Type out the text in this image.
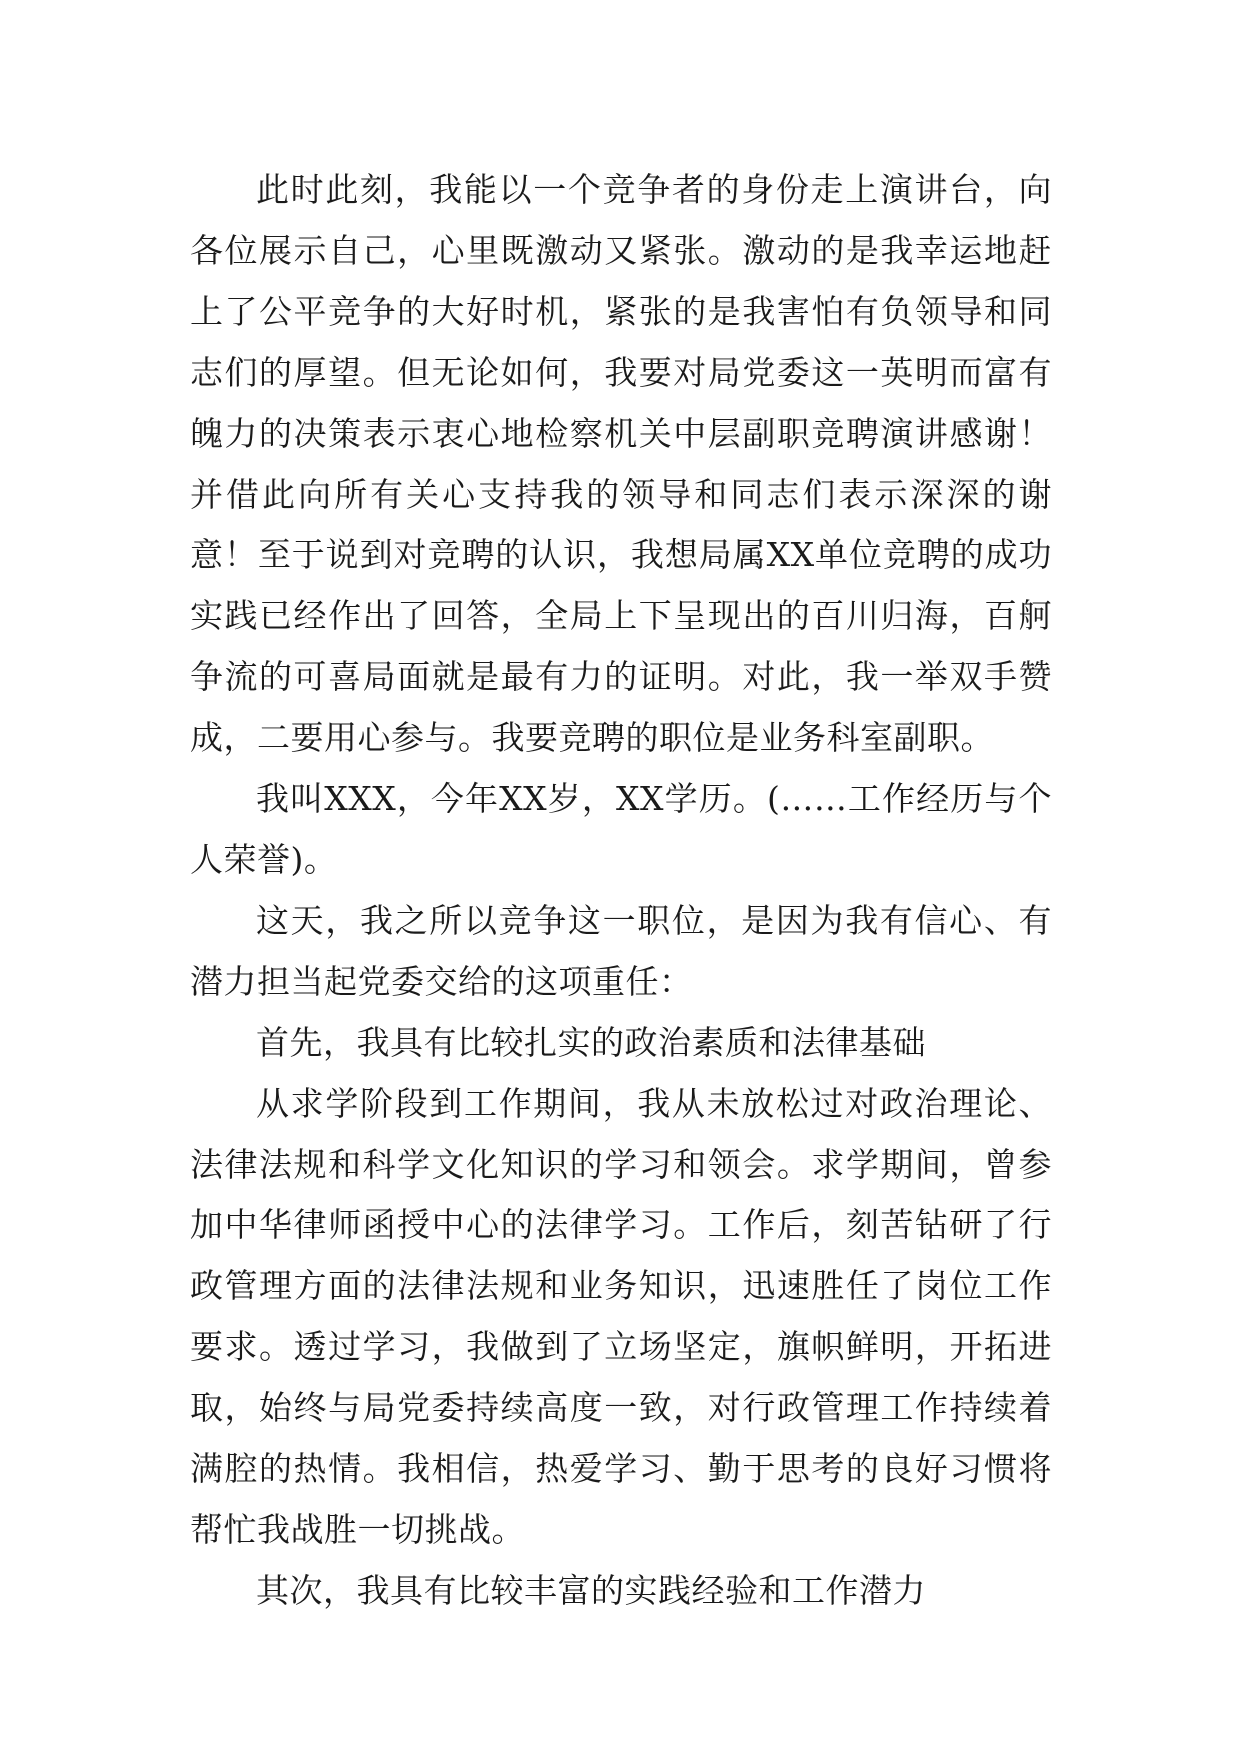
此时此刻，我能以一个竞争者的身份走上演讲台，向各位展示自己，心里既激动又紧张。激动的是我幸运地赶上了公平竞争的大好时机，紧张的是我害怕有负领导和同志们的厚望。但无论如何，我要对局党委这一英明而富有魄力的决策表示衷心地检察机关中层副职竞聘演讲感谢！并借此向所有关心支持我的领导和同志们表示深深的谢意！至于说到对竞聘的认识，我想局属XX单位竞聘的成功实践已经作出了回答，全局上下呈现出的百川归海，百舸争流的可喜局面就是最有力的证明。对此，我一举双手赞成，二要用心参与。我要竞聘的职位是业务科室副职。

我叫XXX，今年XX岁，XX学历。(……工作经历与个人荣誉)。

这天，我之所以竞争这一职位，是因为我有信心、有潜力担当起党委交给的这项重任：

首先，我具有比较扎实的政治素质和法律基础

从求学阶段到工作期间，我从未放松过对政治理论、法律法规和科学文化知识的学习和领会。求学期间，曾参加中华律师函授中心的法律学习。工作后，刻苦钻研了行政管理方面的法律法规和业务知识，迅速胜任了岗位工作要求。透过学习，我做到了立场坚定，旗帜鲜明，开拓进取，始终与局党委持续高度一致，对行政管理工作持续着满腔的热情。我相信，热爱学习、勤于思考的良好习惯将帮忙我战胜一切挑战。

其次，我具有比较丰富的实践经验和工作潜力
